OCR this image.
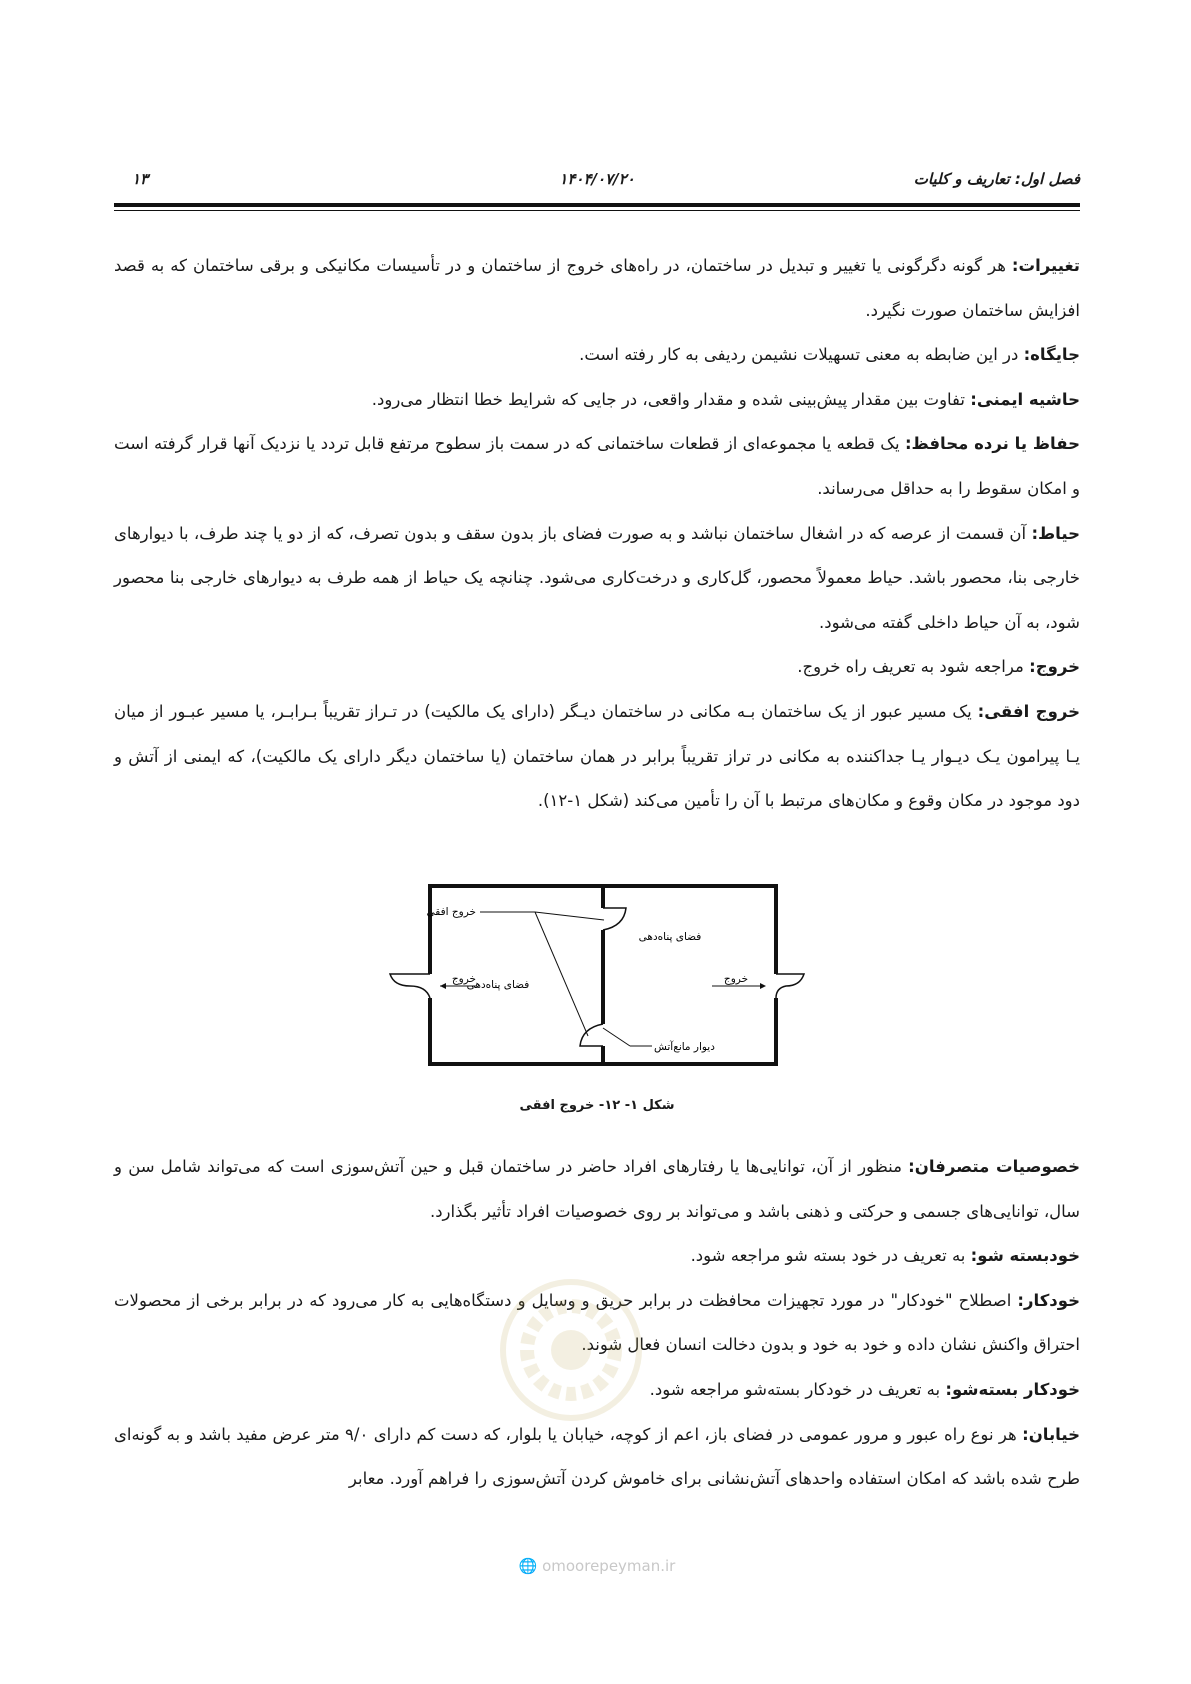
فصل اول: تعاریف و کلیات
۱۴۰۴/۰۷/۲۰
۱۳

تغییرات: هر گونه دگرگونی یا تغییر و تبدیل در ساختمان، در راه‌های خروج از ساختمان و در تأسیسات مکانیکی و برقی ساختمان که به قصد افزایش ساختمان صورت نگیرد.

جایگاه: در این ضابطه به معنی تسهیلات نشیمن ردیفی به کار رفته است.

حاشیه ایمنی: تفاوت بین مقدار پیش‌بینی شده و مقدار واقعی، در جایی که شرایط خطا انتظار می‌رود.

حفاظ یا نرده محافظ: یک قطعه یا مجموعه‌ای از قطعات ساختمانی که در سمت باز سطوح مرتفع قابل تردد یا نزدیک آنها قرار گرفته است و امکان سقوط را به حداقل می‌رساند.

حیاط: آن قسمت از عرصه که در اشغال ساختمان نباشد و به صورت فضای باز بدون سقف و بدون تصرف، که از دو یا چند طرف، با دیوارهای خارجی بنا، محصور باشد. حیاط معمولاً محصور، گل‌کاری و درخت‌کاری می‌شود. چنانچه یک حیاط از همه طرف به دیوارهای خارجی بنا محصور شود، به آن حیاط داخلی گفته می‌شود.

خروج: مراجعه شود به تعریف راه خروج.

خروج افقی: یک مسیر عبور از یک ساختمان بـه مکانی در ساختمان دیـگر (دارای یک مالکیت) در تـراز تقریباً بـرابـر، یا مسیر عبـور از میان یـا پیرامون یـک دیـوار یـا جداکننده به مکانی در تراز تقریباً برابر در همان ساختمان (یا ساختمان دیگر دارای یک مالکیت)، که ایمنی از آتش و دود موجود در مکان وقوع و مکان‌های مرتبط با آن را تأمین می‌کند (شکل ۱-۱۲).

خروج افقی
خروج
فضای پناه‌دهی
فضای پناه‌دهی
خروج
دیوار مانع‌آتش
شکل ۱- ۱۲- خروج افقی

خصوصیات متصرفان: منظور از آن، توانایی‌ها یا رفتارهای افراد حاضر در ساختمان قبل و حین آتش‌سوزی است که می‌تواند شامل سن و سال، توانایی‌های جسمی و حرکتی و ذهنی باشد و می‌تواند بر روی خصوصیات افراد تأثیر بگذارد.

خودبسته شو: به تعریف در خود بسته شو مراجعه شود.

خودکار: اصطلاح "خودکار" در مورد تجهیزات محافظت در برابر حریق و وسایل و دستگاه‌هایی به کار می‌رود که در برابر برخی از محصولات احتراق واکنش نشان داده و خود به خود و بدون دخالت انسان فعال شوند.

خودکار بسته‌شو: به تعریف در خودکار بسته‌شو مراجعه شود.

خیابان: هر نوع راه عبور و مرور عمومی در فضای باز، اعم از کوچه، خیابان یا بلوار، که دست کم دارای ۹/۰ متر عرض مفید باشد و به گونه‌ای طرح شده باشد که امکان استفاده واحدهای آتش‌نشانی برای خاموش کردن آتش‌سوزی را فراهم آورد. معابر

🌐 omoorepeyman.ir
